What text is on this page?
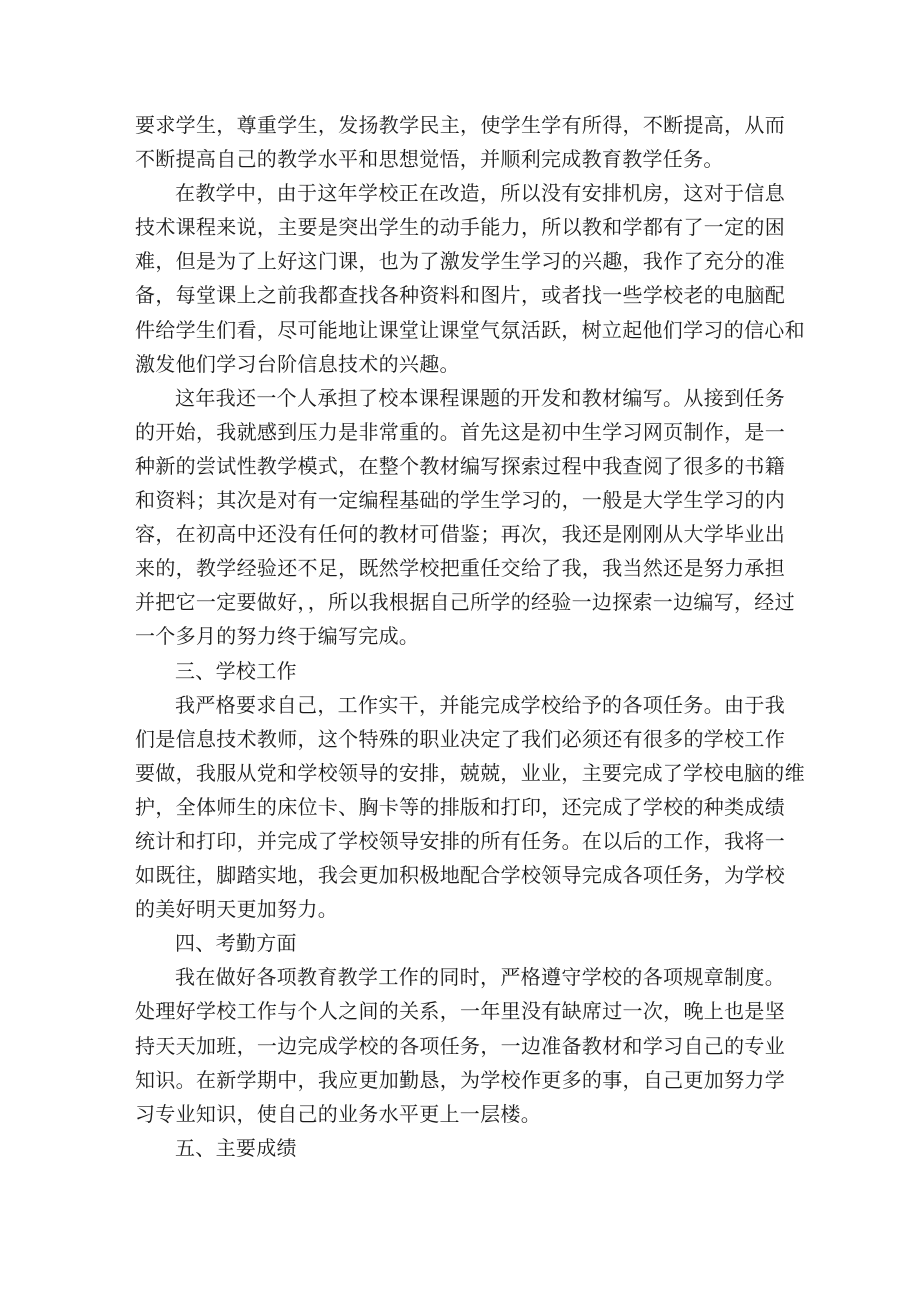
要求学生，尊重学生，发扬教学民主，使学生学有所得，不断提高，从而
不断提高自己的教学水平和思想觉悟，并顺利完成教育教学任务。

在教学中，由于这年学校正在改造，所以没有安排机房，这对于信息
技术课程来说，主要是突出学生的动手能力，所以教和学都有了一定的困
难，但是为了上好这门课，也为了激发学生学习的兴趣，我作了充分的准
备，每堂课上之前我都查找各种资料和图片，或者找一些学校老的电脑配
件给学生们看，尽可能地让课堂让课堂气氛活跃，树立起他们学习的信心和
激发他们学习台阶信息技术的兴趣。

这年我还一个人承担了校本课程课题的开发和教材编写。从接到任务
的开始，我就感到压力是非常重的。首先这是初中生学习网页制作，是一
种新的尝试性教学模式，在整个教材编写探索过程中我查阅了很多的书籍
和资料；其次是对有一定编程基础的学生学习的，一般是大学生学习的内
容，在初高中还没有任何的教材可借鉴；再次，我还是刚刚从大学毕业出
来的，教学经验还不足，既然学校把重任交给了我，我当然还是努力承担
并把它一定要做好，，所以我根据自己所学的经验一边探索一边编写，经过
一个多月的努力终于编写完成。

三、学校工作

我严格要求自己，工作实干，并能完成学校给予的各项任务。由于我
们是信息技术教师，这个特殊的职业决定了我们必须还有很多的学校工作
要做，我服从党和学校领导的安排，兢兢，业业，主要完成了学校电脑的维
护，全体师生的床位卡、胸卡等的排版和打印，还完成了学校的种类成绩
统计和打印，并完成了学校领导安排的所有任务。在以后的工作，我将一
如既往，脚踏实地，我会更加积极地配合学校领导完成各项任务，为学校
的美好明天更加努力。

四、考勤方面

我在做好各项教育教学工作的同时，严格遵守学校的各项规章制度。
处理好学校工作与个人之间的关系，一年里没有缺席过一次，晚上也是坚
持天天加班，一边完成学校的各项任务，一边准备教材和学习自己的专业
知识。在新学期中，我应更加勤恳，为学校作更多的事，自己更加努力学
习专业知识，使自己的业务水平更上一层楼。

五、主要成绩
